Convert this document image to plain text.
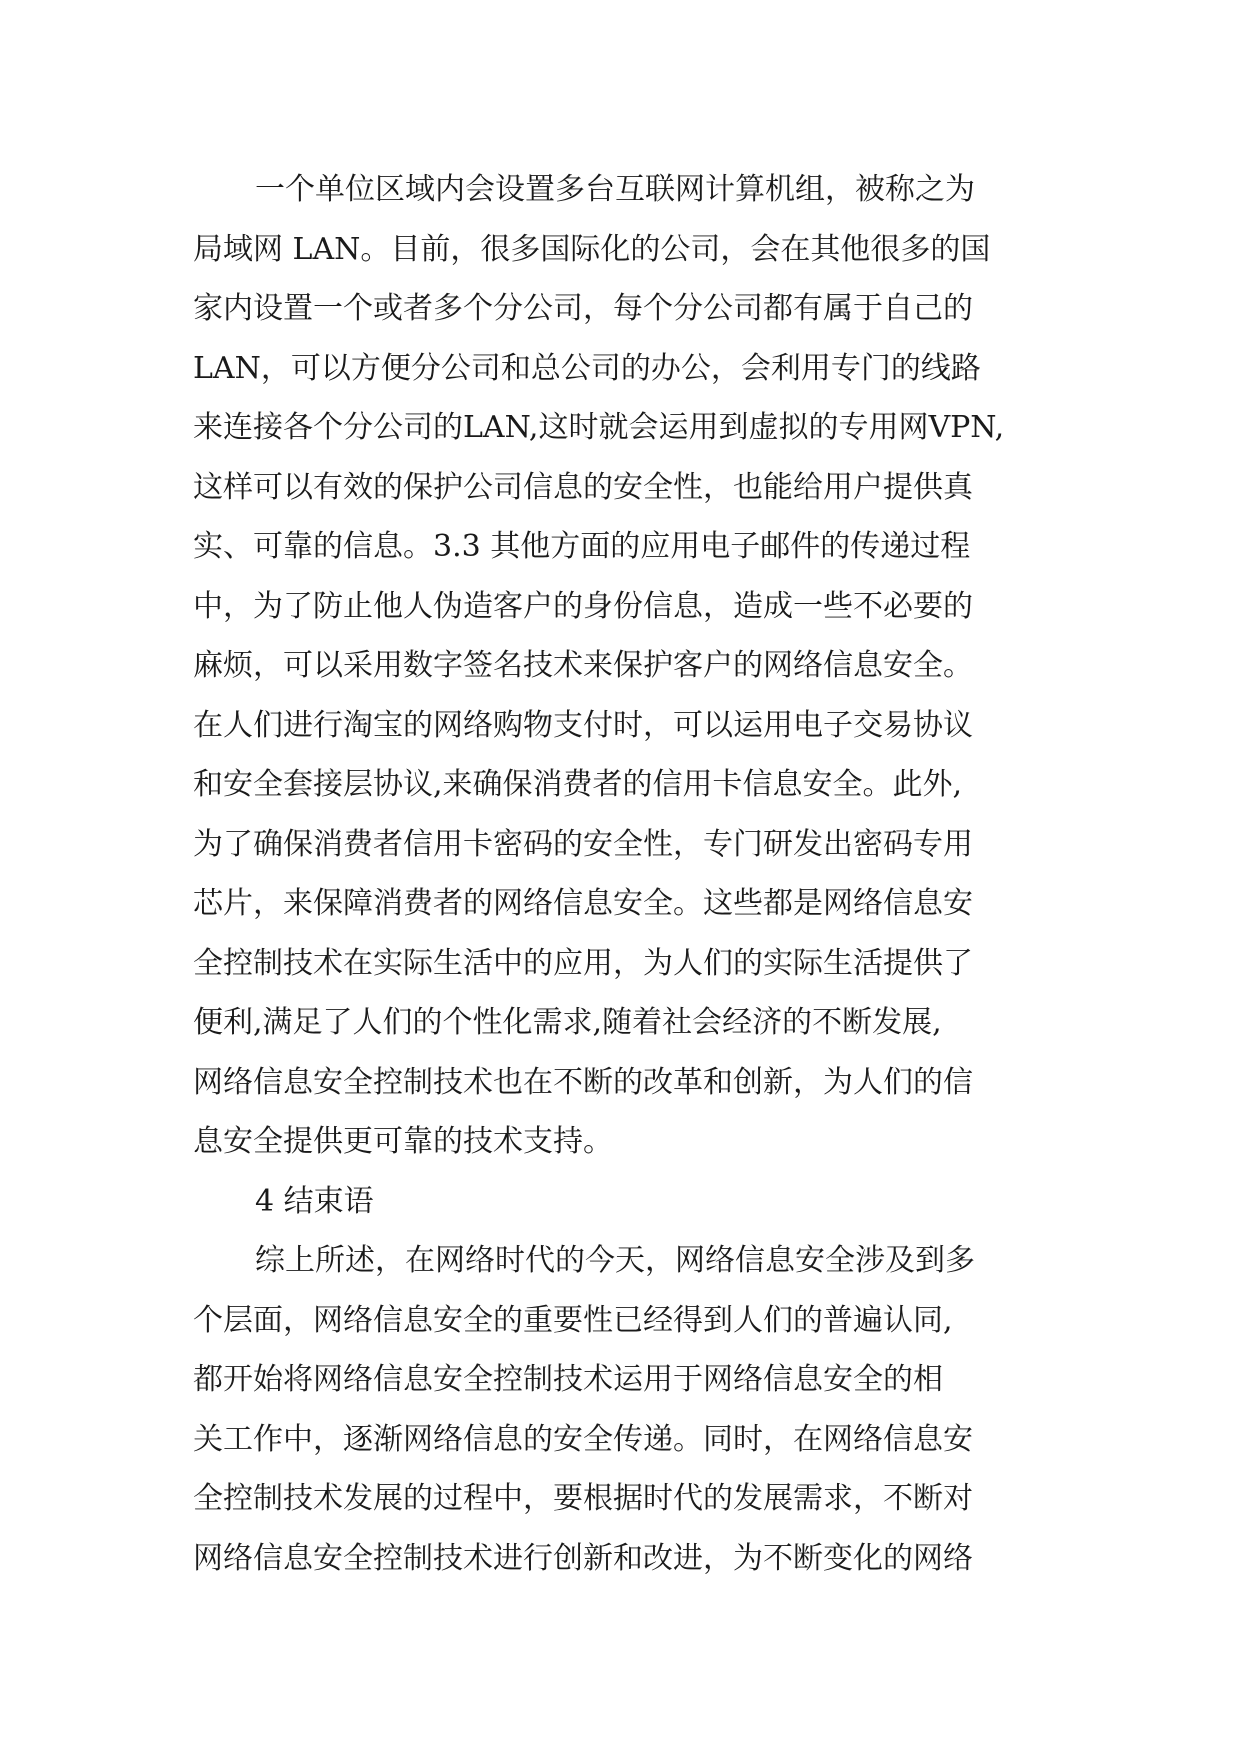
一个单位区域内会设置多台互联网计算机组，被称之为
局域网 LAN。目前，很多国际化的公司，会在其他很多的国
家内设置一个或者多个分公司，每个分公司都有属于自己的
LAN，可以方便分公司和总公司的办公，会利用专门的线路
来连接各个分公司的LAN,这时就会运用到虚拟的专用网VPN,
这样可以有效的保护公司信息的安全性，也能给用户提供真
实、可靠的信息。3.3 其他方面的应用电子邮件的传递过程
中，为了防止他人伪造客户的身份信息，造成一些不必要的
麻烦，可以采用数字签名技术来保护客户的网络信息安全。
在人们进行淘宝的网络购物支付时，可以运用电子交易协议
和安全套接层协议,来确保消费者的信用卡信息安全。此外,
为了确保消费者信用卡密码的安全性，专门研发出密码专用
芯片，来保障消费者的网络信息安全。这些都是网络信息安
全控制技术在实际生活中的应用，为人们的实际生活提供了
便利,满足了人们的个性化需求,随着社会经济的不断发展,
网络信息安全控制技术也在不断的改革和创新，为人们的信
息安全提供更可靠的技术支持。
4 结束语
综上所述，在网络时代的今天，网络信息安全涉及到多
个层面，网络信息安全的重要性已经得到人们的普遍认同,
都开始将网络信息安全控制技术运用于网络信息安全的相
关工作中，逐渐网络信息的安全传递。同时，在网络信息安
全控制技术发展的过程中，要根据时代的发展需求，不断对
网络信息安全控制技术进行创新和改进，为不断变化的网络
